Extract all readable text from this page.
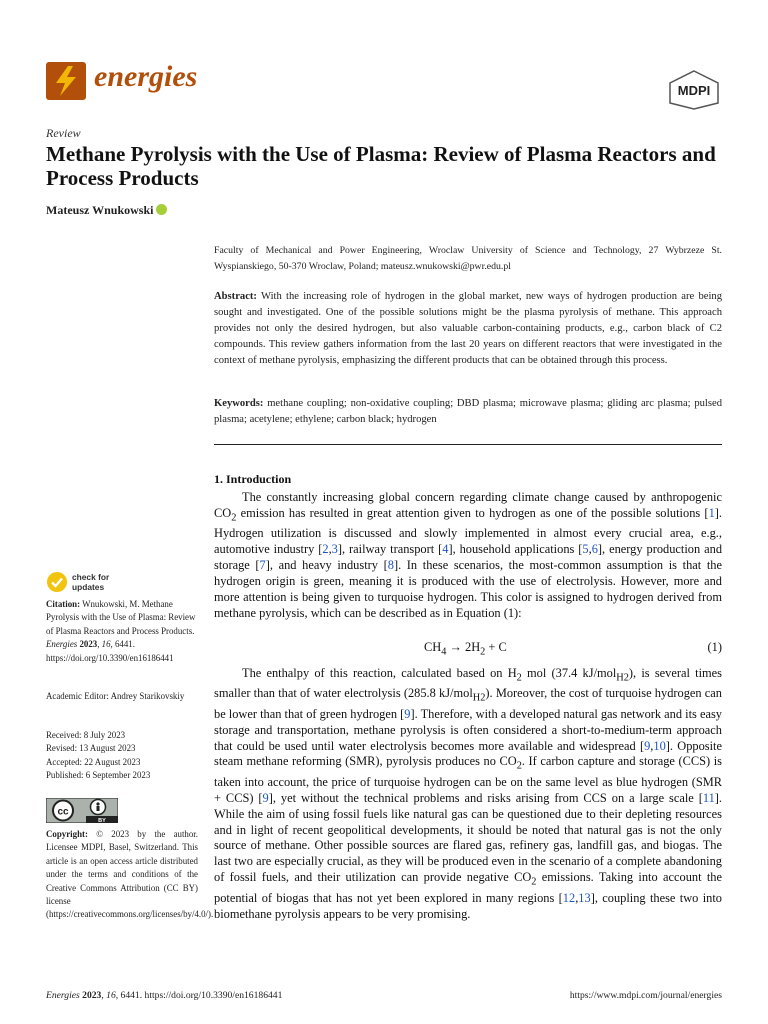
energies	MDPI
Review
Methane Pyrolysis with the Use of Plasma: Review of Plasma Reactors and Process Products
Mateusz Wnukowski
Faculty of Mechanical and Power Engineering, Wroclaw University of Science and Technology, 27 Wybrzeze St. Wyspianskiego, 50-370 Wroclaw, Poland; mateusz.wnukowski@pwr.edu.pl
Abstract: With the increasing role of hydrogen in the global market, new ways of hydrogen production are being sought and investigated. One of the possible solutions might be the plasma pyrolysis of methane. This approach provides not only the desired hydrogen, but also valuable carbon-containing products, e.g., carbon black of C2 compounds. This review gathers information from the last 20 years on different reactors that were investigated in the context of methane pyrolysis, emphasizing the different products that can be obtained through this process.
Keywords: methane coupling; non-oxidative coupling; DBD plasma; microwave plasma; gliding arc plasma; pulsed plasma; acetylene; ethylene; carbon black; hydrogen
1. Introduction
The constantly increasing global concern regarding climate change caused by anthropogenic $CO_2$ emission has resulted in great attention given to hydrogen as one of the possible solutions [1]. Hydrogen utilization is discussed and slowly implemented in almost every crucial area, e.g., automotive industry [2,3], railway transport [4], household applications [5,6], energy production and storage [7], and heavy industry [8]. In these scenarios, the most-common assumption is that the hydrogen origin is green, meaning it is produced with the use of electrolysis. However, more and more attention is being given to turquoise hydrogen. This color is assigned to hydrogen derived from methane pyrolysis, which can be described as in Equation (1):
$CH_4 \to 2H_2 + C$	(1)
The enthalpy of this reaction, calculated based on $H_2$ mol (37.4 kJ/mol$_{H2}$), is several times smaller than that of water electrolysis (285.8 kJ/mol$_{H2}$). Moreover, the cost of turquoise hydrogen can be lower than that of green hydrogen [9]. Therefore, with a developed natural gas network and its easy storage and transportation, methane pyrolysis is often considered a short-to-medium-term approach that could be used until water electrolysis becomes more available and widespread [9,10]. Opposite steam methane reforming (SMR), pyrolysis produces no $CO_2$. If carbon capture and storage (CCS) is taken into account, the price of turquoise hydrogen can be on the same level as blue hydrogen (SMR + CCS) [9], yet without the technical problems and risks arising from CCS on a large scale [11]. While the aim of using fossil fuels like natural gas can be questioned due to their depleting resources and in light of recent geopolitical developments, it should be noted that natural gas is not the only source of methane. Other possible sources are flared gas, refinery gas, landfill gas, and biogas. The last two are especially crucial, as they will be produced even in the scenario of a complete abandoning of fossil fuels, and their utilization can provide negative $CO_2$ emissions. Taking into account the potential of biogas that has not yet been explored in many regions [12,13], coupling these two into biomethane pyrolysis appears to be very promising.
check for
updates
Citation: Wnukowski, M. Methane Pyrolysis with the Use of Plasma: Review of Plasma Reactors and Process Products. Energies 2023, 16, 6441. https://doi.org/10.3390/en16186441
Academic Editor: Andrey Starikovskiy
Received: 8 July 2023
Revised: 13 August 2023
Accepted: 22 August 2023
Published: 6 September 2023
cc
BY
Copyright: © 2023 by the author. Licensee MDPI, Basel, Switzerland. This article is an open access article distributed under the terms and conditions of the Creative Commons Attribution (CC BY) license (https://creativecommons.org/licenses/by/4.0/).
Energies 2023, 16, 6441. https://doi.org/10.3390/en16186441	https://www.mdpi.com/journal/energies
